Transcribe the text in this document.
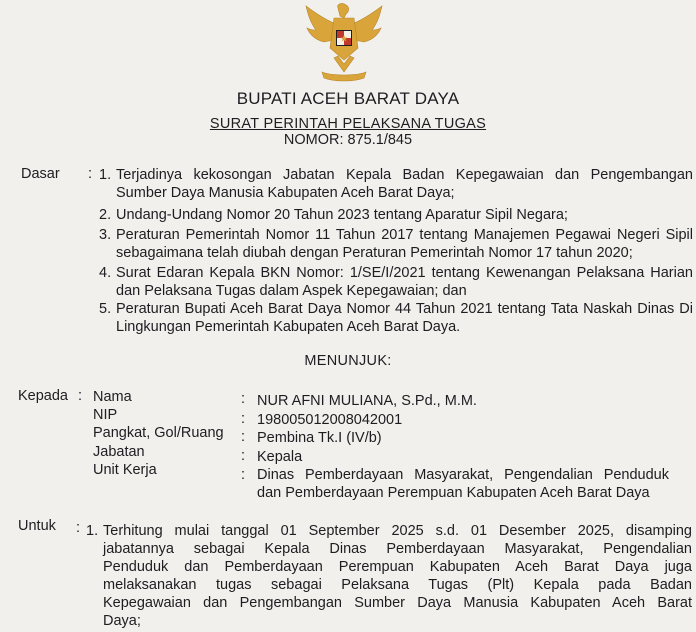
BUPATI ACEH BARAT DAYA
SURAT PERINTAH PELAKSANA TUGAS
NOMOR: 875.1/845
Dasar : 1. Terjadinya kekosongan Jabatan Kepala Badan Kepegawaian dan Pengembangan
Sumber Daya Manusia Kabupaten Aceh Barat Daya;
2. Undang-Undang Nomor 20 Tahun 2023 tentang Aparatur Sipil Negara;
3. Peraturan Pemerintah Nomor 11 Tahun 2017 tentang Manajemen Pegawai Negeri Sipil
sebagaimana telah diubah dengan Peraturan Pemerintah Nomor 17 tahun 2020;
4. Surat Edaran Kepala BKN Nomor: 1/SE/I/2021 tentang Kewenangan Pelaksana Harian
dan Pelaksana Tugas dalam Aspek Kepegawaian; dan
5. Peraturan Bupati Aceh Barat Daya Nomor 44 Tahun 2021 tentang Tata Naskah Dinas Di
Lingkungan Pemerintah Kabupaten Aceh Barat Daya.
MENUNJUK:
Kepada : Nama	: NUR AFNI MULIANA, S.Pd., M.M.
NIP	: 198005012008042001
Pangkat, Gol/Ruang : Pembina Tk.I (IV/b)
Jabatan	: Kepala
Unit Kerja	: Dinas Pemberdayaan Masyarakat, Pengendalian Penduduk
dan Pemberdayaan Perempuan Kabupaten Aceh Barat Daya
Untuk : 1. Terhitung mulai tanggal 01 September 2025 s.d. 01 Desember 2025, disamping
jabatannya sebagai Kepala Dinas Pemberdayaan Masyarakat, Pengendalian
Penduduk dan Pemberdayaan Perempuan Kabupaten Aceh Barat Daya juga
melaksanakan tugas sebagai Pelaksana Tugas (Plt) Kepala pada Badan
Kepegawaian dan Pengembangan Sumber Daya Manusia Kabupaten Aceh Barat
Daya;
